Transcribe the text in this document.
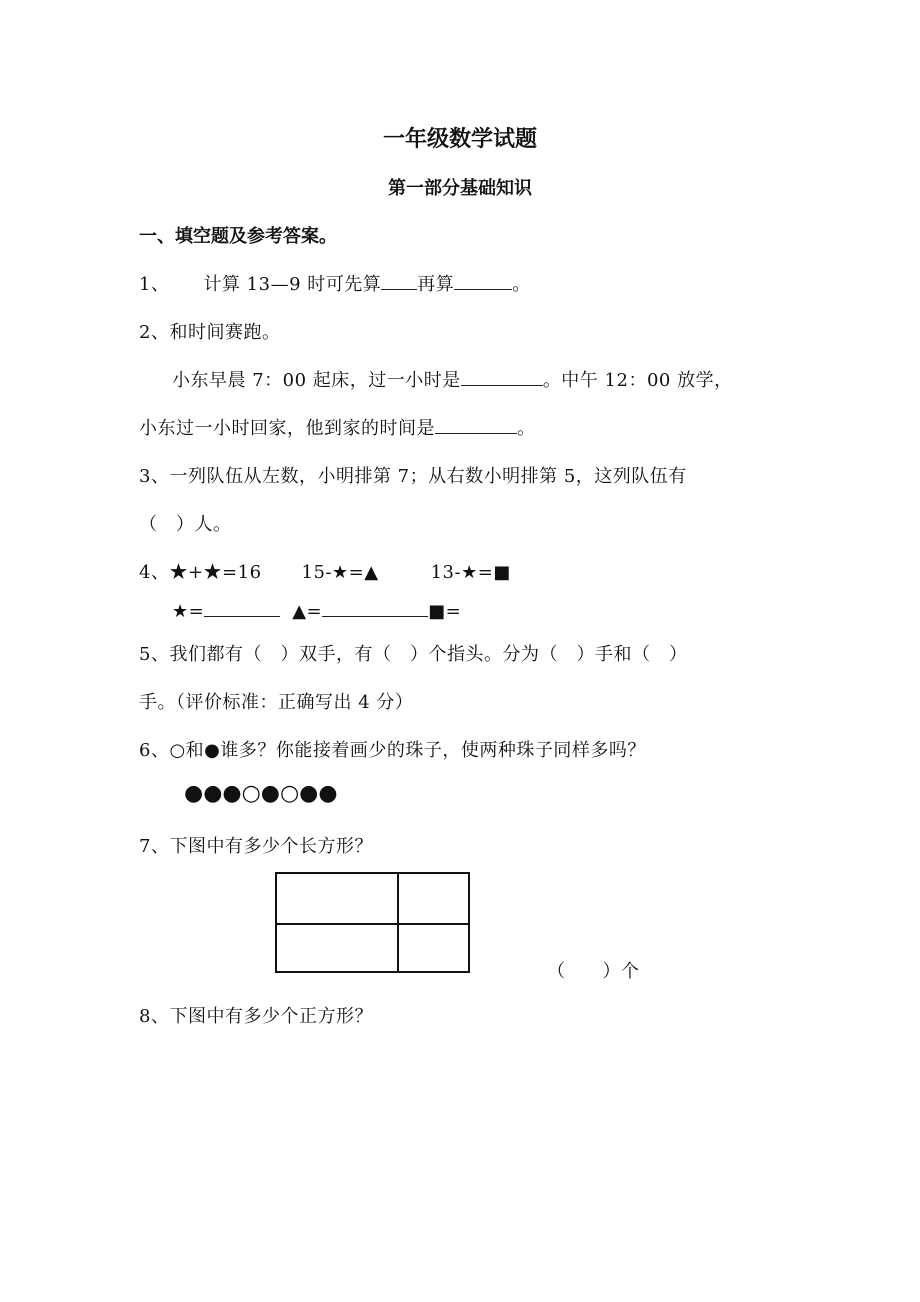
一年级数学试题
第一部分基础知识
一、填空题及参考答案。
1、 计算 13—9 时可先算 再算	。
2、和时间赛跑。
小东早晨 7：00 起床，过一小时是	。中午 12：00 放学，
小东过一小时回家，他到家的时间是	。
3、一列队伍从左数，小明排第 7；从右数小明排第 5，这列队伍有
（　）人。
4、★+★=16 15-★=▲	13-★=■
★=	▲=	■=
5、我们都有（　）双手，有（　）个指头。分为（　）手和（　）
手。（评价标准：正确写出 4 分）
6、○和●谁多？你能接着画少的珠子，使两种珠子同样多吗？
●●●○●○●●
7、下图中有多少个长方形？
（　　）个
8、下图中有多少个正方形？
